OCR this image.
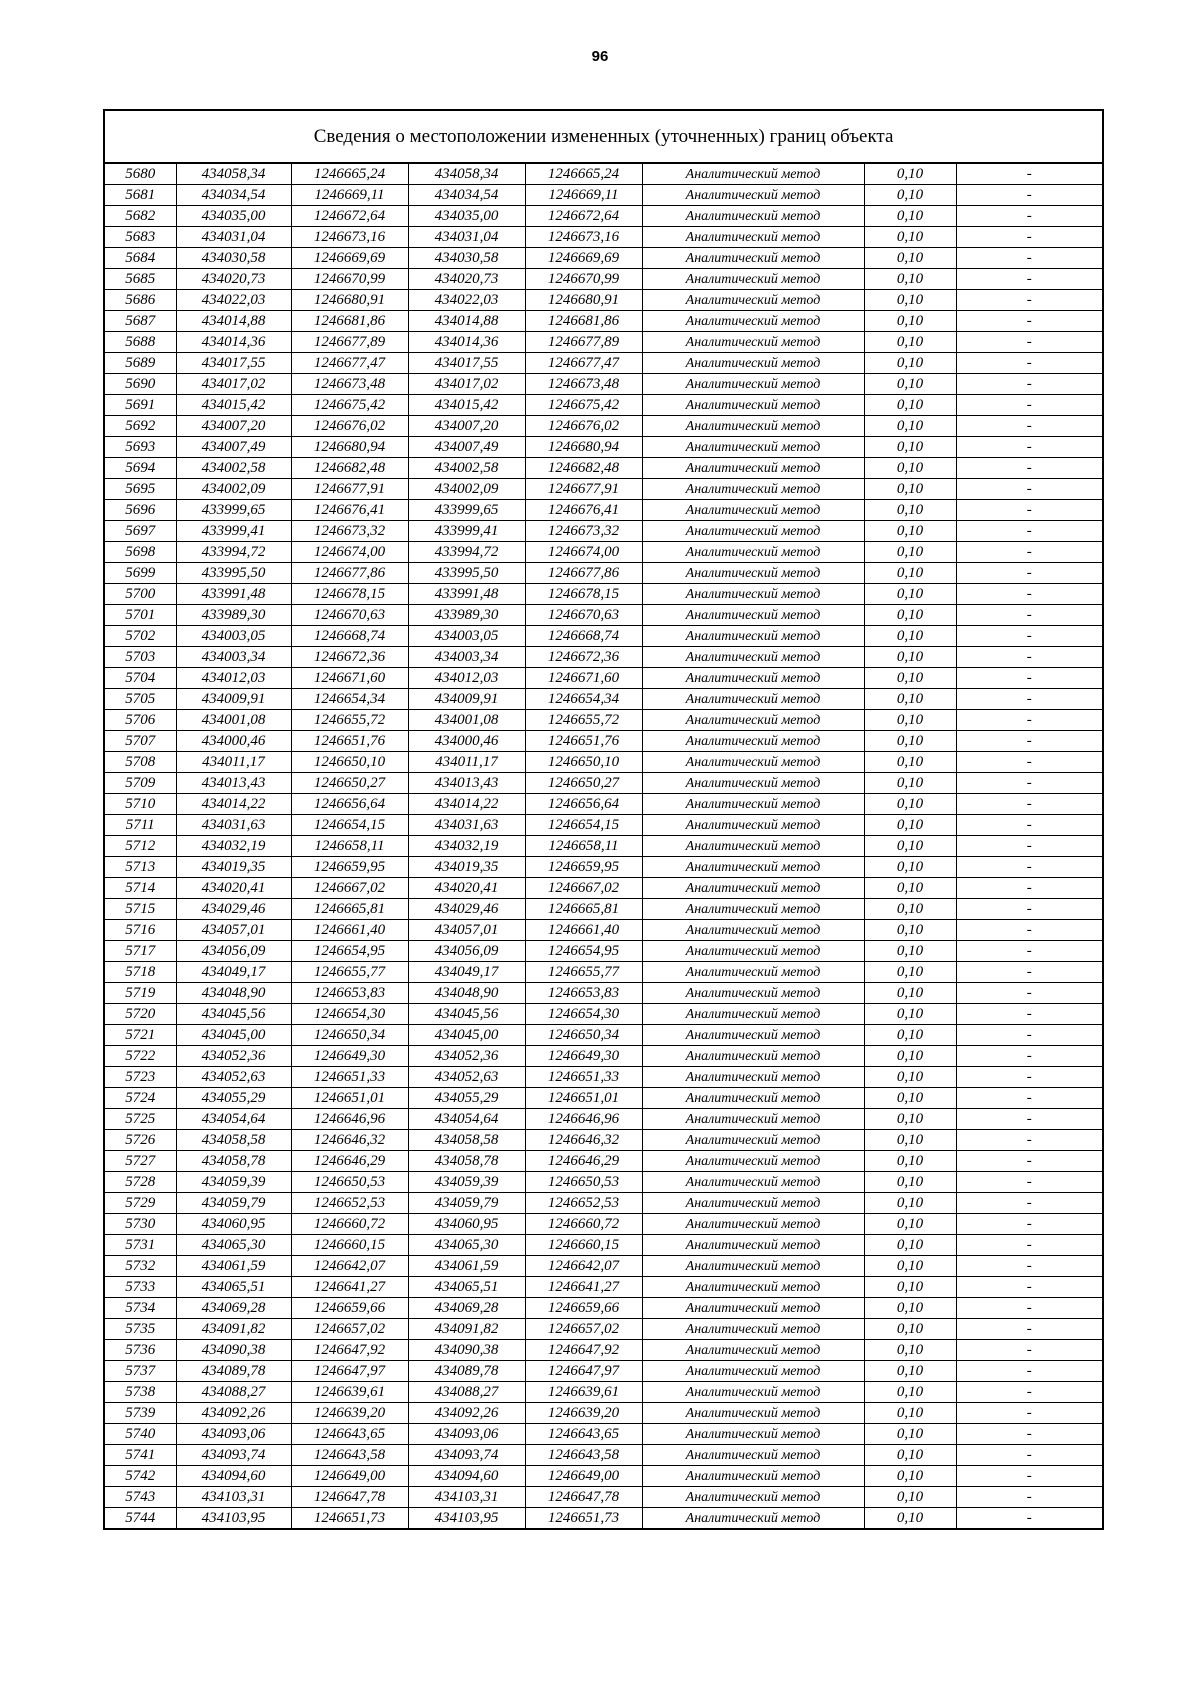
96
Сведения о местоположении измененных (уточненных) границ объекта							
5680	434058,34	1246665,24	434058,34	1246665,24	Аналитический метод	0,10	-
5681	434034,54	1246669,11	434034,54	1246669,11	Аналитический метод	0,10	-
5682	434035,00	1246672,64	434035,00	1246672,64	Аналитический метод	0,10	-
5683	434031,04	1246673,16	434031,04	1246673,16	Аналитический метод	0,10	-
5684	434030,58	1246669,69	434030,58	1246669,69	Аналитический метод	0,10	-
5685	434020,73	1246670,99	434020,73	1246670,99	Аналитический метод	0,10	-
5686	434022,03	1246680,91	434022,03	1246680,91	Аналитический метод	0,10	-
5687	434014,88	1246681,86	434014,88	1246681,86	Аналитический метод	0,10	-
5688	434014,36	1246677,89	434014,36	1246677,89	Аналитический метод	0,10	-
5689	434017,55	1246677,47	434017,55	1246677,47	Аналитический метод	0,10	-
5690	434017,02	1246673,48	434017,02	1246673,48	Аналитический метод	0,10	-
5691	434015,42	1246675,42	434015,42	1246675,42	Аналитический метод	0,10	-
5692	434007,20	1246676,02	434007,20	1246676,02	Аналитический метод	0,10	-
5693	434007,49	1246680,94	434007,49	1246680,94	Аналитический метод	0,10	-
5694	434002,58	1246682,48	434002,58	1246682,48	Аналитический метод	0,10	-
5695	434002,09	1246677,91	434002,09	1246677,91	Аналитический метод	0,10	-
5696	433999,65	1246676,41	433999,65	1246676,41	Аналитический метод	0,10	-
5697	433999,41	1246673,32	433999,41	1246673,32	Аналитический метод	0,10	-
5698	433994,72	1246674,00	433994,72	1246674,00	Аналитический метод	0,10	-
5699	433995,50	1246677,86	433995,50	1246677,86	Аналитический метод	0,10	-
5700	433991,48	1246678,15	433991,48	1246678,15	Аналитический метод	0,10	-
5701	433989,30	1246670,63	433989,30	1246670,63	Аналитический метод	0,10	-
5702	434003,05	1246668,74	434003,05	1246668,74	Аналитический метод	0,10	-
5703	434003,34	1246672,36	434003,34	1246672,36	Аналитический метод	0,10	-
5704	434012,03	1246671,60	434012,03	1246671,60	Аналитический метод	0,10	-
5705	434009,91	1246654,34	434009,91	1246654,34	Аналитический метод	0,10	-
5706	434001,08	1246655,72	434001,08	1246655,72	Аналитический метод	0,10	-
5707	434000,46	1246651,76	434000,46	1246651,76	Аналитический метод	0,10	-
5708	434011,17	1246650,10	434011,17	1246650,10	Аналитический метод	0,10	-
5709	434013,43	1246650,27	434013,43	1246650,27	Аналитический метод	0,10	-
5710	434014,22	1246656,64	434014,22	1246656,64	Аналитический метод	0,10	-
5711	434031,63	1246654,15	434031,63	1246654,15	Аналитический метод	0,10	-
5712	434032,19	1246658,11	434032,19	1246658,11	Аналитический метод	0,10	-
5713	434019,35	1246659,95	434019,35	1246659,95	Аналитический метод	0,10	-
5714	434020,41	1246667,02	434020,41	1246667,02	Аналитический метод	0,10	-
5715	434029,46	1246665,81	434029,46	1246665,81	Аналитический метод	0,10	-
5716	434057,01	1246661,40	434057,01	1246661,40	Аналитический метод	0,10	-
5717	434056,09	1246654,95	434056,09	1246654,95	Аналитический метод	0,10	-
5718	434049,17	1246655,77	434049,17	1246655,77	Аналитический метод	0,10	-
5719	434048,90	1246653,83	434048,90	1246653,83	Аналитический метод	0,10	-
5720	434045,56	1246654,30	434045,56	1246654,30	Аналитический метод	0,10	-
5721	434045,00	1246650,34	434045,00	1246650,34	Аналитический метод	0,10	-
5722	434052,36	1246649,30	434052,36	1246649,30	Аналитический метод	0,10	-
5723	434052,63	1246651,33	434052,63	1246651,33	Аналитический метод	0,10	-
5724	434055,29	1246651,01	434055,29	1246651,01	Аналитический метод	0,10	-
5725	434054,64	1246646,96	434054,64	1246646,96	Аналитический метод	0,10	-
5726	434058,58	1246646,32	434058,58	1246646,32	Аналитический метод	0,10	-
5727	434058,78	1246646,29	434058,78	1246646,29	Аналитический метод	0,10	-
5728	434059,39	1246650,53	434059,39	1246650,53	Аналитический метод	0,10	-
5729	434059,79	1246652,53	434059,79	1246652,53	Аналитический метод	0,10	-
5730	434060,95	1246660,72	434060,95	1246660,72	Аналитический метод	0,10	-
5731	434065,30	1246660,15	434065,30	1246660,15	Аналитический метод	0,10	-
5732	434061,59	1246642,07	434061,59	1246642,07	Аналитический метод	0,10	-
5733	434065,51	1246641,27	434065,51	1246641,27	Аналитический метод	0,10	-
5734	434069,28	1246659,66	434069,28	1246659,66	Аналитический метод	0,10	-
5735	434091,82	1246657,02	434091,82	1246657,02	Аналитический метод	0,10	-
5736	434090,38	1246647,92	434090,38	1246647,92	Аналитический метод	0,10	-
5737	434089,78	1246647,97	434089,78	1246647,97	Аналитический метод	0,10	-
5738	434088,27	1246639,61	434088,27	1246639,61	Аналитический метод	0,10	-
5739	434092,26	1246639,20	434092,26	1246639,20	Аналитический метод	0,10	-
5740	434093,06	1246643,65	434093,06	1246643,65	Аналитический метод	0,10	-
5741	434093,74	1246643,58	434093,74	1246643,58	Аналитический метод	0,10	-
5742	434094,60	1246649,00	434094,60	1246649,00	Аналитический метод	0,10	-
5743	434103,31	1246647,78	434103,31	1246647,78	Аналитический метод	0,10	-
5744	434103,95	1246651,73	434103,95	1246651,73	Аналитический метод	0,10	-
